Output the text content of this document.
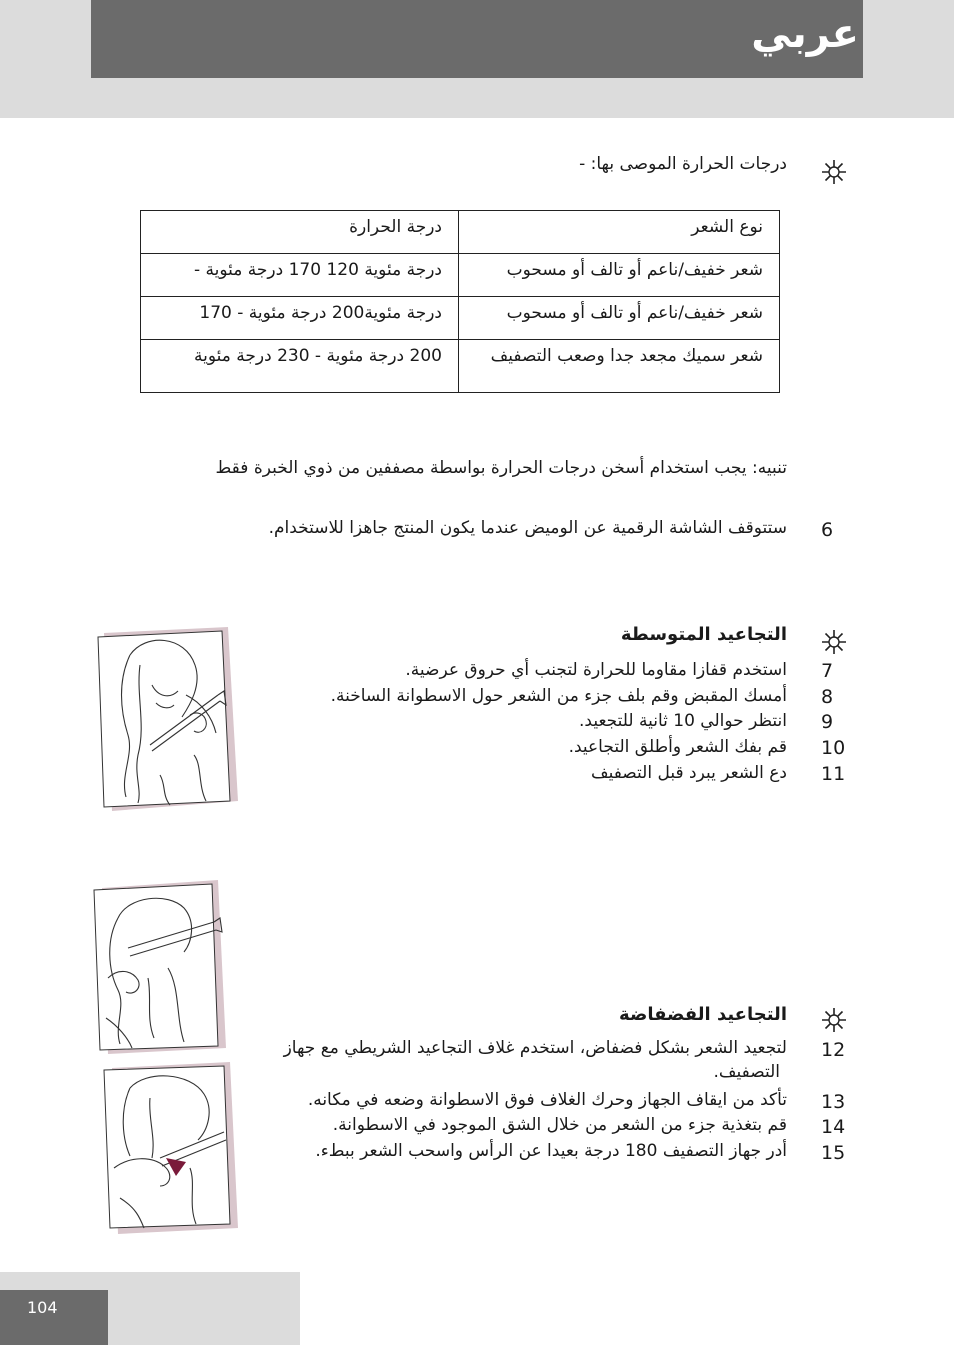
عربي
درجات الحرارة الموصى بها: -
نوع الشعر	درجة الحرارة
شعر خفيف/ناعم أو تالف أو مسحوب	درجة مئوية 120 170 درجة مئوية -
شعر خفيف/ناعم أو تالف أو مسحوب	درجة مئوية200 درجة مئوية - 170
شعر سميك مجعد جدا وصعب التصفيف	200 درجة مئوية - 230 درجة مئوية
تنبيه: يجب استخدام أسخن درجات الحرارة بواسطة مصففين من ذوي الخبرة فقط
6
ستتوقف الشاشة الرقمية عن الوميض عندما يكون المنتج جاهزا للاستخدام.
التجاعيد المتوسطة
7
استخدم قفازا مقاوما للحرارة لتجنب أي حروق عرضية.
8
أمسك المقبض وقم بلف جزء من الشعر حول الاسطوانة الساخنة.
9
انتظر حوالي 10 ثانية للتجعيد.
10
قم بفك الشعر وأطلق التجاعيد.
11
دع الشعر يبرد قبل التصفيف
التجاعيد الفضفاضة
12
لتجعيد الشعر بشكل فضفاض، استخدم غلاف التجاعيد الشريطي مع جهاز
التصفيف.
13
تأكد من ايقاف الجهاز وحرك الغلاف فوق الاسطوانة وضعه في مكانه.
14
قم بتغذية جزء من الشعر من خلال الشق الموجود في الاسطوانة.
15
أدر جهاز التصفيف 180 درجة بعيدا عن الرأس واسحب الشعر ببطء.
104
